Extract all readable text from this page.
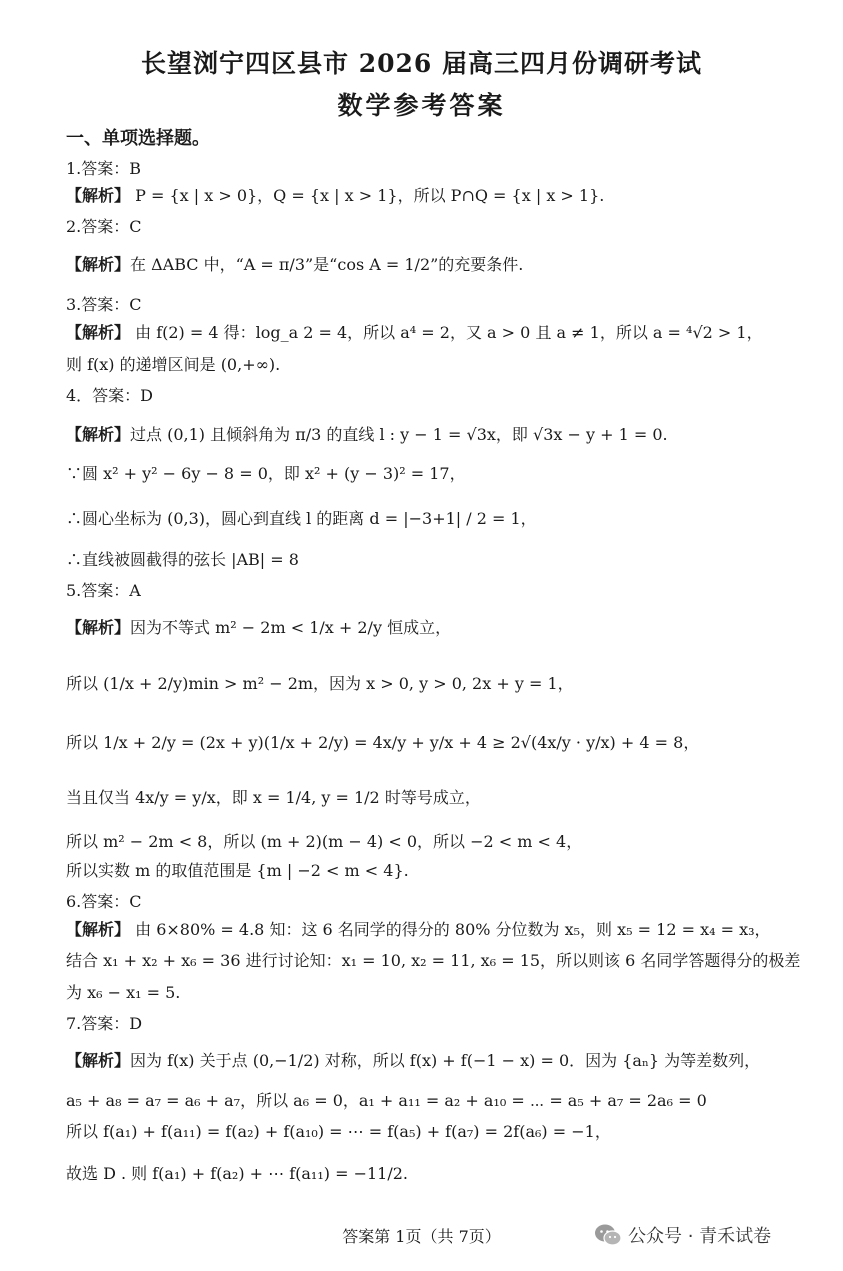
长望浏宁四区县市 2026 届高三四月份调研考试
数学参考答案
一、单项选择题。
1.答案：B
【解析】 P = {x | x > 0}，Q = {x | x > 1}，所以 P∩Q = {x | x > 1}.
2.答案：C
【解析】在 ΔABC 中，“A = π/3”是“cos A = 1/2”的充要条件.
3.答案：C
【解析】 由 f(2) = 4 得：log_a 2 = 4，所以 a⁴ = 2，又 a > 0 且 a ≠ 1，所以 a = ⁴√2 > 1，
则 f(x) 的递增区间是 (0,+∞).
4．答案：D
【解析】过点 (0,1) 且倾斜角为 π/3 的直线 l : y − 1 = √3x，即 √3x − y + 1 = 0.
∵圆 x² + y² − 6y − 8 = 0，即 x² + (y − 3)² = 17，
∴圆心坐标为 (0,3)，圆心到直线 l 的距离 d = |−3+1| / 2 = 1，
∴直线被圆截得的弦长 |AB| = 8
5.答案：A
【解析】因为不等式 m² − 2m < 1/x + 2/y 恒成立，
所以 (1/x + 2/y)min > m² − 2m，因为 x > 0, y > 0, 2x + y = 1，
所以 1/x + 2/y = (2x + y)(1/x + 2/y) = 4x/y + y/x + 4 ≥ 2√(4x/y · y/x) + 4 = 8，
当且仅当 4x/y = y/x，即 x = 1/4, y = 1/2 时等号成立，
所以 m² − 2m < 8，所以 (m + 2)(m − 4) < 0，所以 −2 < m < 4，
所以实数 m 的取值范围是 {m | −2 < m < 4}.
6.答案：C
【解析】 由 6×80% = 4.8 知：这 6 名同学的得分的 80% 分位数为 x₅，则 x₅ = 12 = x₄ = x₃，
结合 x₁ + x₂ + x₆ = 36 进行讨论知：x₁ = 10, x₂ = 11, x₆ = 15，所以则该 6 名同学答题得分的极差
为 x₆ − x₁ = 5.
7.答案：D
【解析】因为 f(x) 关于点 (0,−1/2) 对称，所以 f(x) + f(−1 − x) = 0．因为 {aₙ} 为等差数列，
a₅ + a₈ = a₇ = a₆ + a₇，所以 a₆ = 0，a₁ + a₁₁ = a₂ + a₁₀ = ⋯ = a₅ + a₇ = 2a₆ = 0
所以 f(a₁) + f(a₁₁) = f(a₂) + f(a₁₀) = ⋯ = f(a₅) + f(a₇) = 2f(a₆) = −1，
故选 D . 则 f(a₁) + f(a₂) + ⋯ f(a₁₁) = −11/2.
答案第 1页（共 7页）	公众号 · 青禾试卷
